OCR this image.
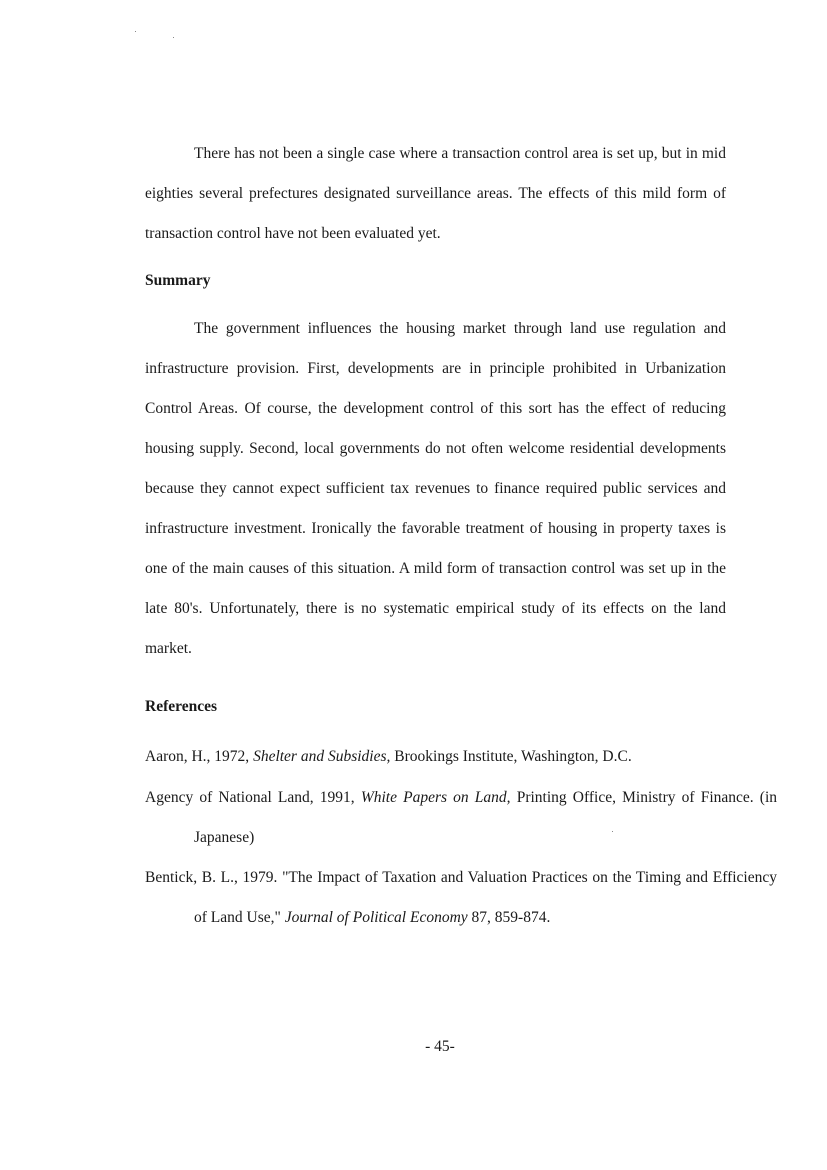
There has not been a single case where a transaction control area is set up, but in mid eighties several prefectures designated surveillance areas. The effects of this mild form of transaction control have not been evaluated yet.

Summary

The government influences the housing market through land use regulation and infrastructure provision. First, developments are in principle prohibited in Urbanization Control Areas. Of course, the development control of this sort has the effect of reducing housing supply. Second, local governments do not often welcome residential developments because they cannot expect sufficient tax revenues to finance required public services and infrastructure investment. Ironically the favorable treatment of housing in property taxes is one of the main causes of this situation. A mild form of transaction control was set up in the late 80's. Unfortunately, there is no systematic empirical study of its effects on the land market.

References

Aaron, H., 1972, Shelter and Subsidies, Brookings Institute, Washington, D.C.

Agency of National Land, 1991, White Papers on Land, Printing Office, Ministry of Finance. (in Japanese)

Bentick, B. L., 1979. "The Impact of Taxation and Valuation Practices on the Timing and Efficiency of Land Use," Journal of Political Economy 87, 859-874.

- 45-
